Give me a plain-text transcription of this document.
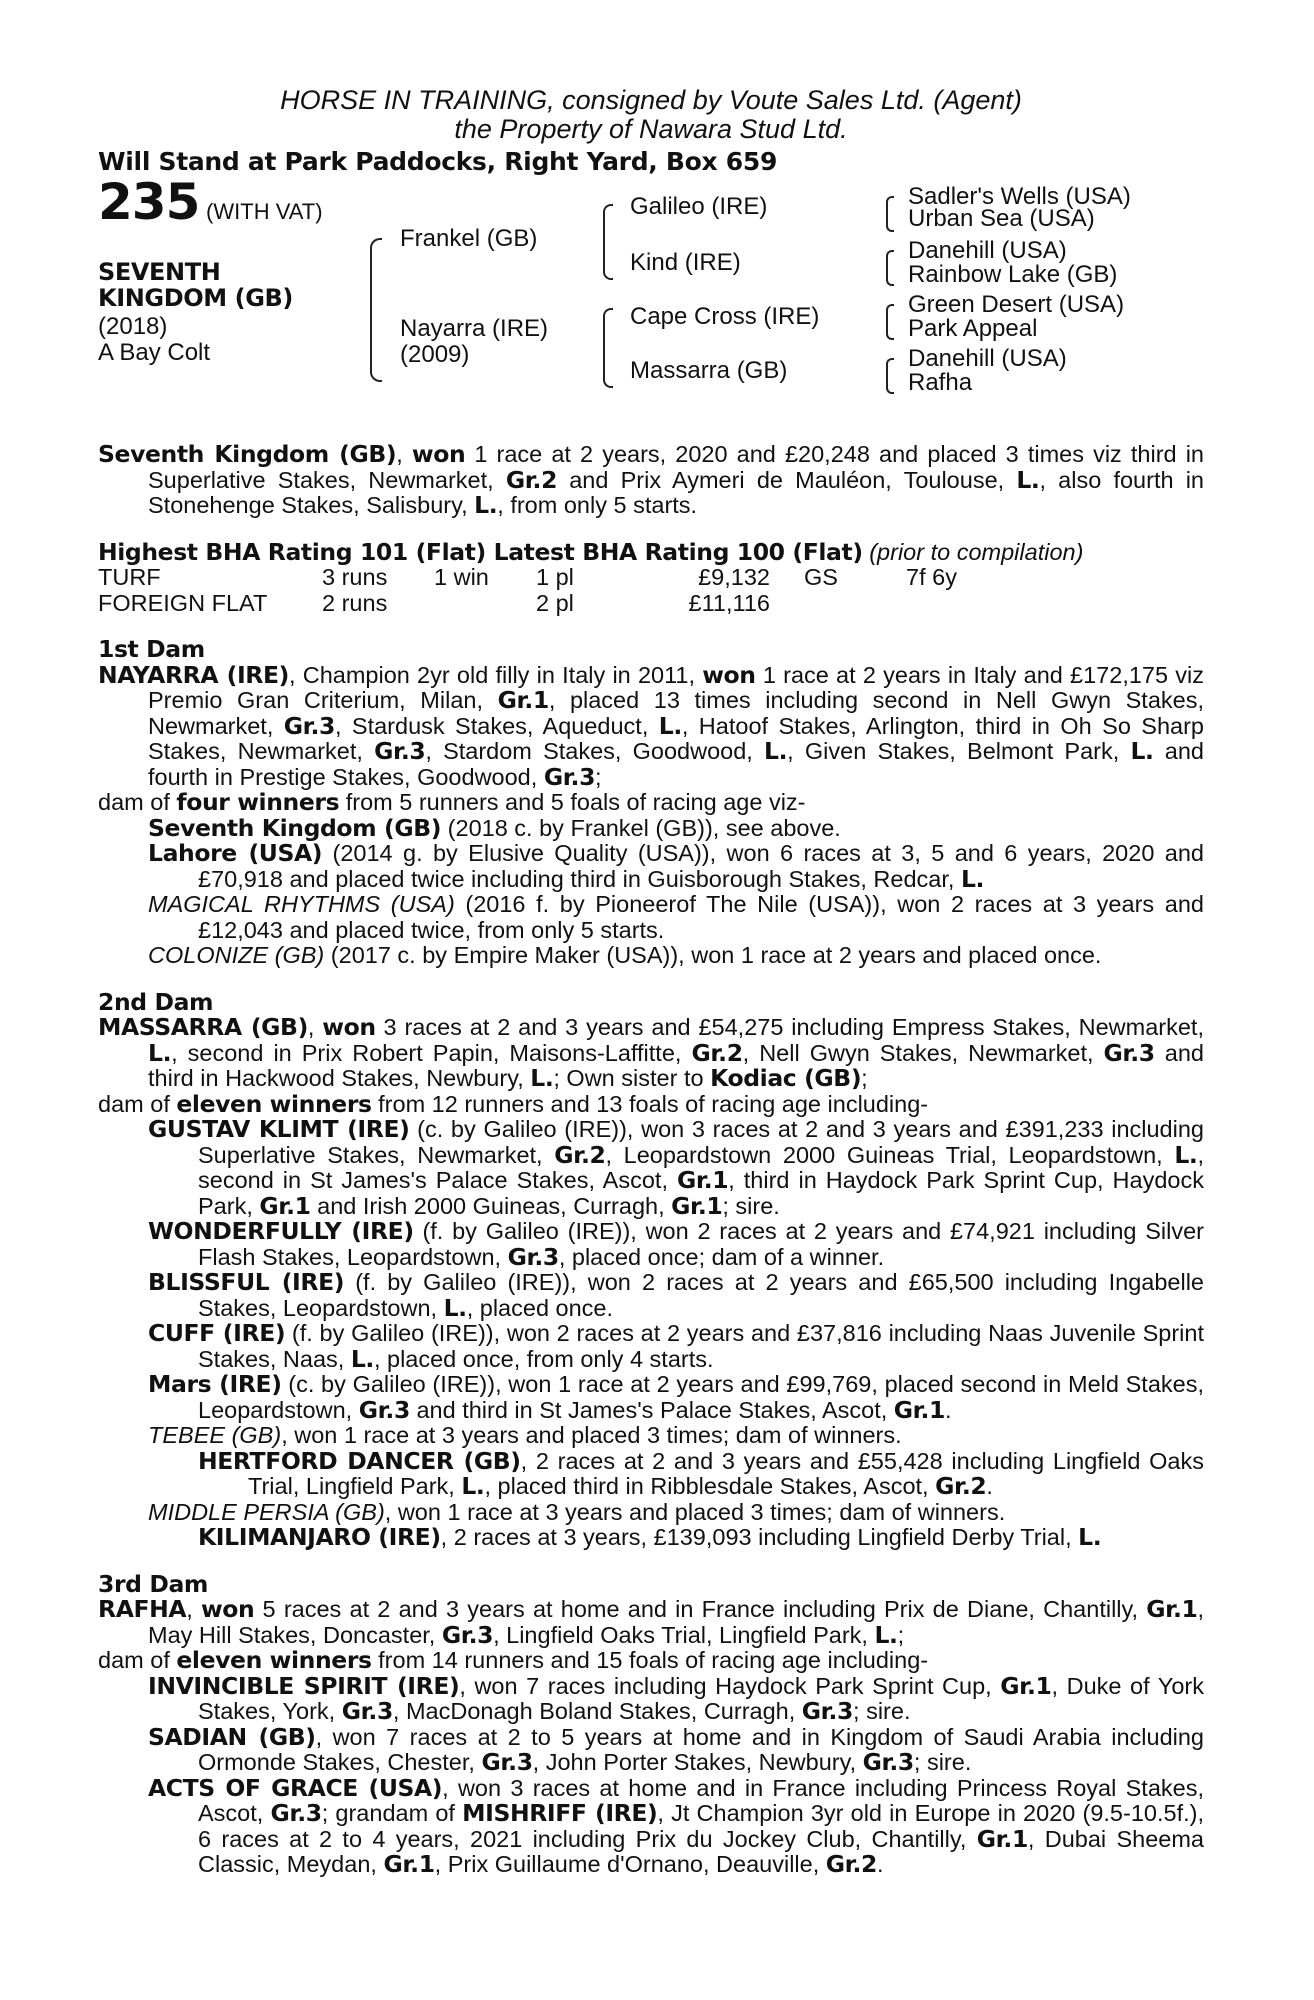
HORSE IN TRAINING, consigned by Voute Sales Ltd. (Agent)
the Property of Nawara Stud Ltd.
Will Stand at Park Paddocks, Right Yard, Box 659
235 (WITH VAT)
SEVENTH
KINGDOM (GB)
(2018)
A Bay Colt
Frankel (GB)
Nayarra (IRE)
(2009)
Galileo (IRE)
Kind (IRE)
Cape Cross (IRE)
Massarra (GB)
Sadler's Wells (USA)
Urban Sea (USA)
Danehill (USA)
Rainbow Lake (GB)
Green Desert (USA)
Park Appeal
Danehill (USA)
Rafha

Seventh Kingdom (GB), won 1 race at 2 years, 2020 and £20,248 and placed 3 times viz third in Superlative Stakes, Newmarket, Gr.2 and Prix Aymeri de Mauléon, Toulouse, L., also fourth in Stonehenge Stakes, Salisbury, L., from only 5 starts.

Highest BHA Rating 101 (Flat) Latest BHA Rating 100 (Flat) (prior to compilation)
TURF	3 runs	1 win	1 pl	£9,132	GS	7f 6y
FOREIGN FLAT	2 runs		2 pl	£11,116		
1st Dam

NAYARRA (IRE), Champion 2yr old filly in Italy in 2011, won 1 race at 2 years in Italy and £172,175 viz Premio Gran Criterium, Milan, Gr.1, placed 13 times including second in Nell Gwyn Stakes, Newmarket, Gr.3, Stardusk Stakes, Aqueduct, L., Hatoof Stakes, Arlington, third in Oh So Sharp Stakes, Newmarket, Gr.3, Stardom Stakes, Goodwood, L., Given Stakes, Belmont Park, L. and fourth in Prestige Stakes, Goodwood, Gr.3;

dam of four winners from 5 runners and 5 foals of racing age viz-

Seventh Kingdom (GB) (2018 c. by Frankel (GB)), see above.

Lahore (USA) (2014 g. by Elusive Quality (USA)), won 6 races at 3, 5 and 6 years, 2020 and £70,918 and placed twice including third in Guisborough Stakes, Redcar, L.

MAGICAL RHYTHMS (USA) (2016 f. by Pioneerof The Nile (USA)), won 2 races at 3 years and £12,043 and placed twice, from only 5 starts.

COLONIZE (GB) (2017 c. by Empire Maker (USA)), won 1 race at 2 years and placed once.

2nd Dam

MASSARRA (GB), won 3 races at 2 and 3 years and £54,275 including Empress Stakes, Newmarket, L., second in Prix Robert Papin, Maisons-Laffitte, Gr.2, Nell Gwyn Stakes, Newmarket, Gr.3 and third in Hackwood Stakes, Newbury, L.; Own sister to Kodiac (GB);

dam of eleven winners from 12 runners and 13 foals of racing age including-

GUSTAV KLIMT (IRE) (c. by Galileo (IRE)), won 3 races at 2 and 3 years and £391,233 including Superlative Stakes, Newmarket, Gr.2, Leopardstown 2000 Guineas Trial, Leopardstown, L., second in St James's Palace Stakes, Ascot, Gr.1, third in Haydock Park Sprint Cup, Haydock Park, Gr.1 and Irish 2000 Guineas, Curragh, Gr.1; sire.

WONDERFULLY (IRE) (f. by Galileo (IRE)), won 2 races at 2 years and £74,921 including Silver Flash Stakes, Leopardstown, Gr.3, placed once; dam of a winner.

BLISSFUL (IRE) (f. by Galileo (IRE)), won 2 races at 2 years and £65,500 including Ingabelle Stakes, Leopardstown, L., placed once.

CUFF (IRE) (f. by Galileo (IRE)), won 2 races at 2 years and £37,816 including Naas Juvenile Sprint Stakes, Naas, L., placed once, from only 4 starts.

Mars (IRE) (c. by Galileo (IRE)), won 1 race at 2 years and £99,769, placed second in Meld Stakes, Leopardstown, Gr.3 and third in St James's Palace Stakes, Ascot, Gr.1.

TEBEE (GB), won 1 race at 3 years and placed 3 times; dam of winners.

HERTFORD DANCER (GB), 2 races at 2 and 3 years and £55,428 including Lingfield Oaks Trial, Lingfield Park, L., placed third in Ribblesdale Stakes, Ascot, Gr.2.

MIDDLE PERSIA (GB), won 1 race at 3 years and placed 3 times; dam of winners.

KILIMANJARO (IRE), 2 races at 3 years, £139,093 including Lingfield Derby Trial, L.

3rd Dam

RAFHA, won 5 races at 2 and 3 years at home and in France including Prix de Diane, Chantilly, Gr.1, May Hill Stakes, Doncaster, Gr.3, Lingfield Oaks Trial, Lingfield Park, L.;

dam of eleven winners from 14 runners and 15 foals of racing age including-

INVINCIBLE SPIRIT (IRE), won 7 races including Haydock Park Sprint Cup, Gr.1, Duke of York Stakes, York, Gr.3, MacDonagh Boland Stakes, Curragh, Gr.3; sire.

SADIAN (GB), won 7 races at 2 to 5 years at home and in Kingdom of Saudi Arabia including Ormonde Stakes, Chester, Gr.3, John Porter Stakes, Newbury, Gr.3; sire.

ACTS OF GRACE (USA), won 3 races at home and in France including Princess Royal Stakes, Ascot, Gr.3; grandam of MISHRIFF (IRE), Jt Champion 3yr old in Europe in 2020 (9.5-10.5f.), 6 races at 2 to 4 years, 2021 including Prix du Jockey Club, Chantilly, Gr.1, Dubai Sheema Classic, Meydan, Gr.1, Prix Guillaume d'Ornano, Deauville, Gr.2.
